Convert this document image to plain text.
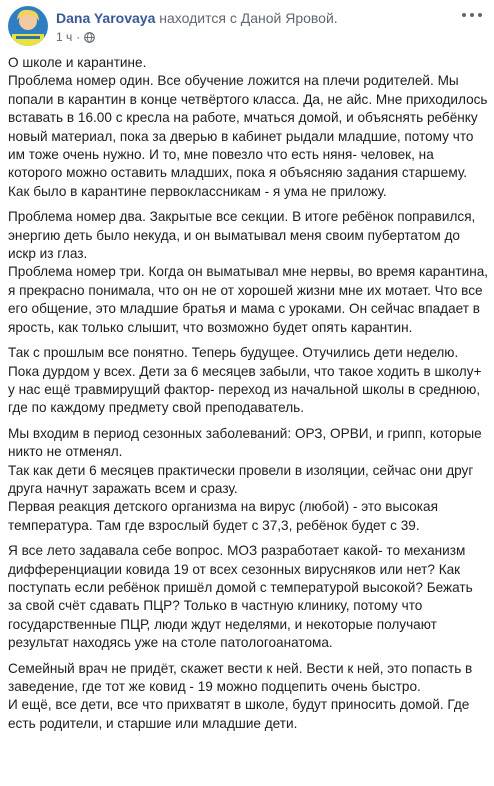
Dana Yarovaya находится с Даной Яровой.
1 ч ·

О школе и карантине.
Проблема номер один. Все обучение ложится на плечи родителей. Мы попали в карантин в конце четвёртого класса. Да, не айс. Мне приходилось вставать в 16.00 с кресла на работе, мчаться домой, и объяснять ребёнку новый материал, пока за дверью в кабинет рыдали младшие, потому что им тоже очень нужно. И то, мне повезло что есть няня- человек, на которого можно оставить младших, пока я объясняю задания старшему. Как было в карантине первоклассникам - я ума не приложу.

Проблема номер два. Закрытые все секции. В итоге ребёнок поправился, энергию деть было некуда, и он выматывал меня своим пубертатом до искр из глаз.
Проблема номер три. Когда он выматывал мне нервы, во время карантина, я прекрасно понимала, что он не от хорошей жизни мне их мотает. Что все его общение, это младшие братья и мама с уроками. Он сейчас впадает в ярость, как только слышит, что возможно будет опять карантин.

Так с прошлым все понятно. Теперь будущее. Отучились дети неделю. Пока дурдом у всех. Дети за 6 месяцев забыли, что такое ходить в школу+ у нас ещё травмирущий фактор- переход из начальной школы в среднюю, где по каждому предмету свой преподаватель.

Мы входим в период сезонных заболеваний: ОРЗ, ОРВИ, и грипп, которые никто не отменял.
Так как дети 6 месяцев практически провели в изоляции, сейчас они друг друга начнут заражать всем и сразу.
Первая реакция детского организма на вирус (любой) - это высокая температура. Там где взрослый будет с 37,3, ребёнок будет с 39.

Я все лето задавала себе вопрос. МОЗ разработает какой- то механизм дифференциации ковида 19 от всех сезонных вирусняков или нет? Как поступать если ребёнок пришёл домой с температурой высокой? Бежать за свой счёт сдавать ПЦР? Только в частную клинику, потому что государственные ПЦР, люди ждут неделями, и некоторые получают результат находясь уже на столе патологоанатома.

Семейный врач не придёт, скажет вести к ней. Вести к ней, это попасть в заведение, где тот же ковид - 19 можно подцепить очень быстро.
И ещё, все дети, все что прихватят в школе, будут приносить домой. Где есть родители, и старшие или младшие дети.
